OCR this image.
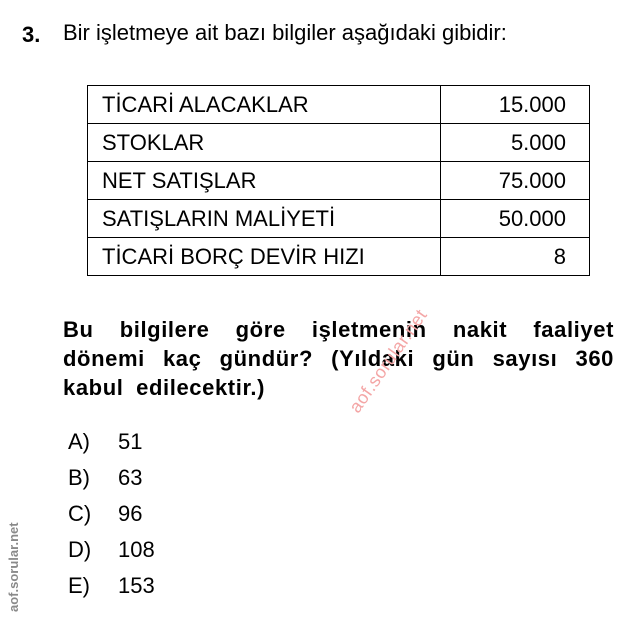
3. Bir işletmeye ait bazı bilgiler aşağıdaki gibidir:
TİCARİ ALACAKLAR	15.000
STOKLAR	5.000
NET SATIŞLAR	75.000
SATIŞLARIN MALİYETİ	50.000
TİCARİ BORÇ DEVİR HIZI	8
Bu bilgilere göre işletmenin nakit faaliyet dönemi kaç gündür? (Yıldaki gün sayısı 360 kabul edilecektir.)
A)	51
B)	63
C)	96
D)	108
E)	153
aof.sorular.net
aof.sorular.net
